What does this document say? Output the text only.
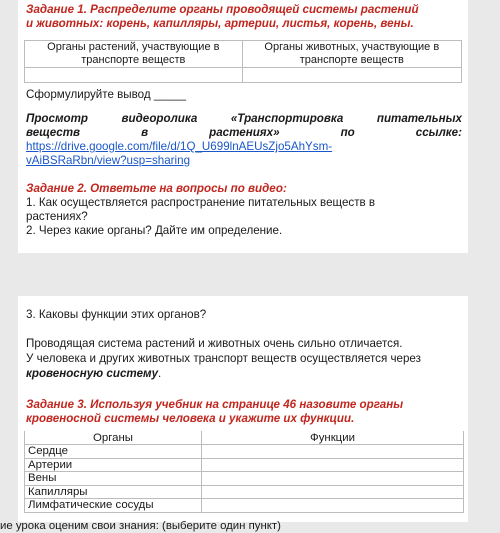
Задание 1. Распределите органы проводящей системы растений
и животных: корень, капилляры, артерии, листья, корень, вены.
Органы растений, участвующие в транспорте веществ	Органы животных, участвующие в транспорте веществ

Сформулируйте вывод _____
Просмотр	видеоролика	«Транспортировка	питательных
веществ	в	растениях»	по	ссылке:
https://drive.google.com/file/d/1Q_U699lnAEUsZjo5AhYsm-
vAiBSRaRbn/view?usp=sharing
Задание 2. Ответьте на вопросы по видео:
1. Как осуществляется распространение питательных веществ в
растениях?
2. Через какие органы? Дайте им определение.
3. Каковы функции этих органов?
Проводящая система растений и животных очень сильно отличается.
У человека и других животных транспорт веществ осуществляется через
кровеносную систему.
Задание 3. Используя учебник на странице 46 назовите органы
кровеносной системы человека и укажите их функции.
Органы	Функции
Сердце	
Артерии	
Вены	
Капилляры	
Лимфатические сосуды	
ие урока оценим свои знания: (выберите один пункт)
